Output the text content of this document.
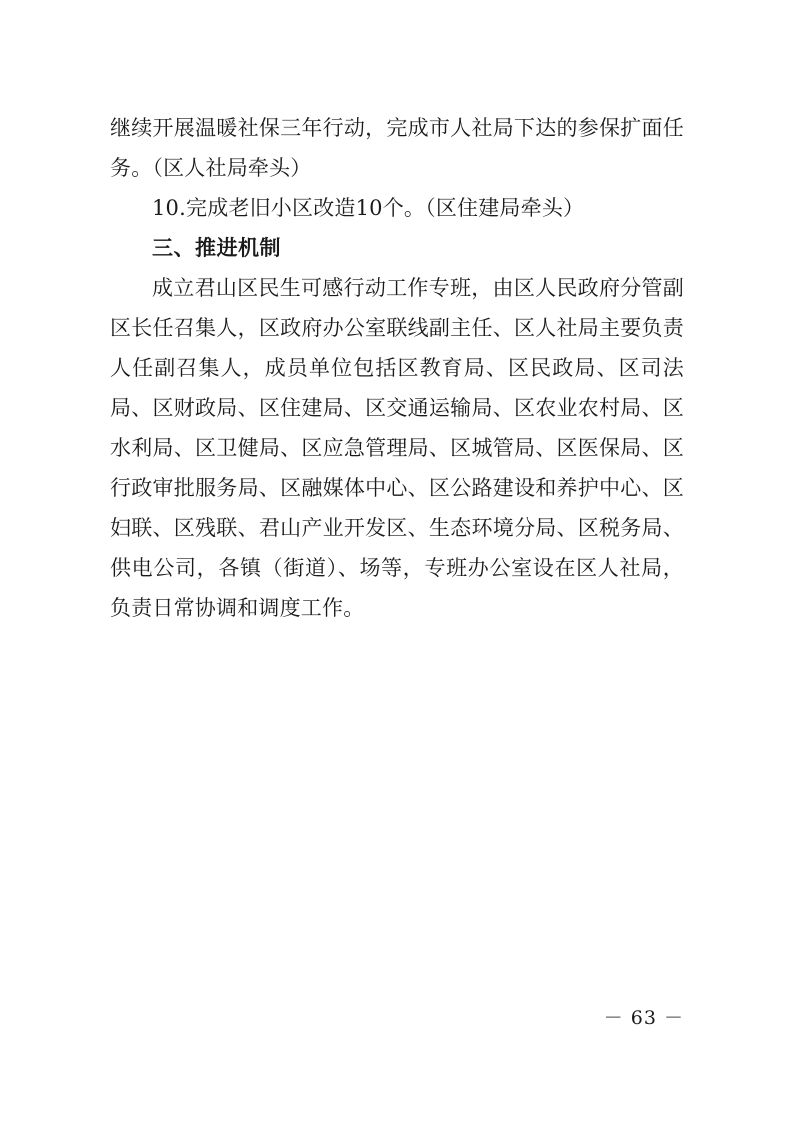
继续开展温暖社保三年行动，完成市人社局下达的参保扩面任务。（区人社局牵头）

10.完成老旧小区改造10个。（区住建局牵头）

三、推进机制

成立君山区民生可感行动工作专班，由区人民政府分管副区长任召集人，区政府办公室联线副主任、区人社局主要负责人任副召集人，成员单位包括区教育局、区民政局、区司法局、区财政局、区住建局、区交通运输局、区农业农村局、区水利局、区卫健局、区应急管理局、区城管局、区医保局、区行政审批服务局、区融媒体中心、区公路建设和养护中心、区妇联、区残联、君山产业开发区、生态环境分局、区税务局、供电公司，各镇（街道）、场等，专班办公室设在区人社局，负责日常协调和调度工作。

－ 63 －
